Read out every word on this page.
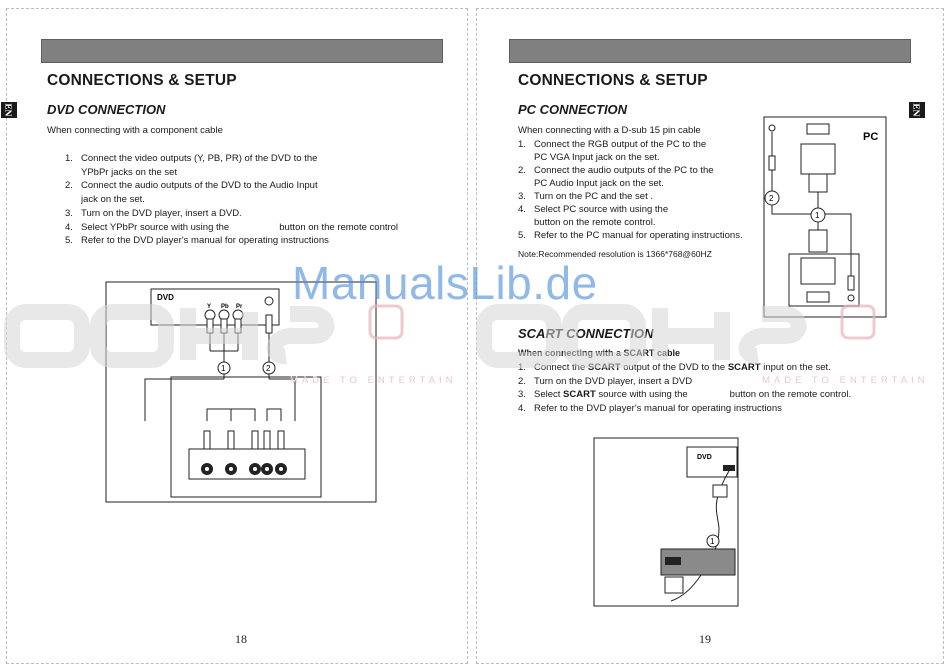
CONNECTIONS & SETUP
EN	DVD CONNECTION

When connecting with a component cable

1. Connect the video outputs (Y, PB, PR) of the DVD to the
YPbPr jacks on the set
2. Connect the audio outputs of the DVD to the Audio Input
jack on the set.
3. Turn on the DVD player, insert a DVD.
4. Select YPbPr source with using the	button on the remote control
5. Refer to the DVD player's manual for operating instructions
DVD
Y Pb Pr
1	2
18
CONNECTIONS & SETUP
EN
PC CONNECTION

When connecting with a D-sub 15 pin cable

1. Connect the RGB output of the PC to the
PC VGA Input jack on the set.
2. Connect the audio outputs of the PC to the
PC Audio Input jack on the set.
3. Turn on the PC and the set .
4. Select PC source with using the
button on the remote control.
5. Refer to the PC manual for operating instructions.
Note:Recommended resolution is 1366*768@60HZ
PC
2
1
SCART CONNECTION

When connecting with a SCART cable

1. Connect the SCART output of the DVD to the SCART input on the set.
2. Turn on the DVD player, insert a DVD
3. Select SCART source with using the	button on the remote control.
4. Refer to the DVD player's manual for operating instructions
DVD
1
19
MADE TO ENTERTAIN	MADE TO ENTERTAIN
ManualsLib.de
